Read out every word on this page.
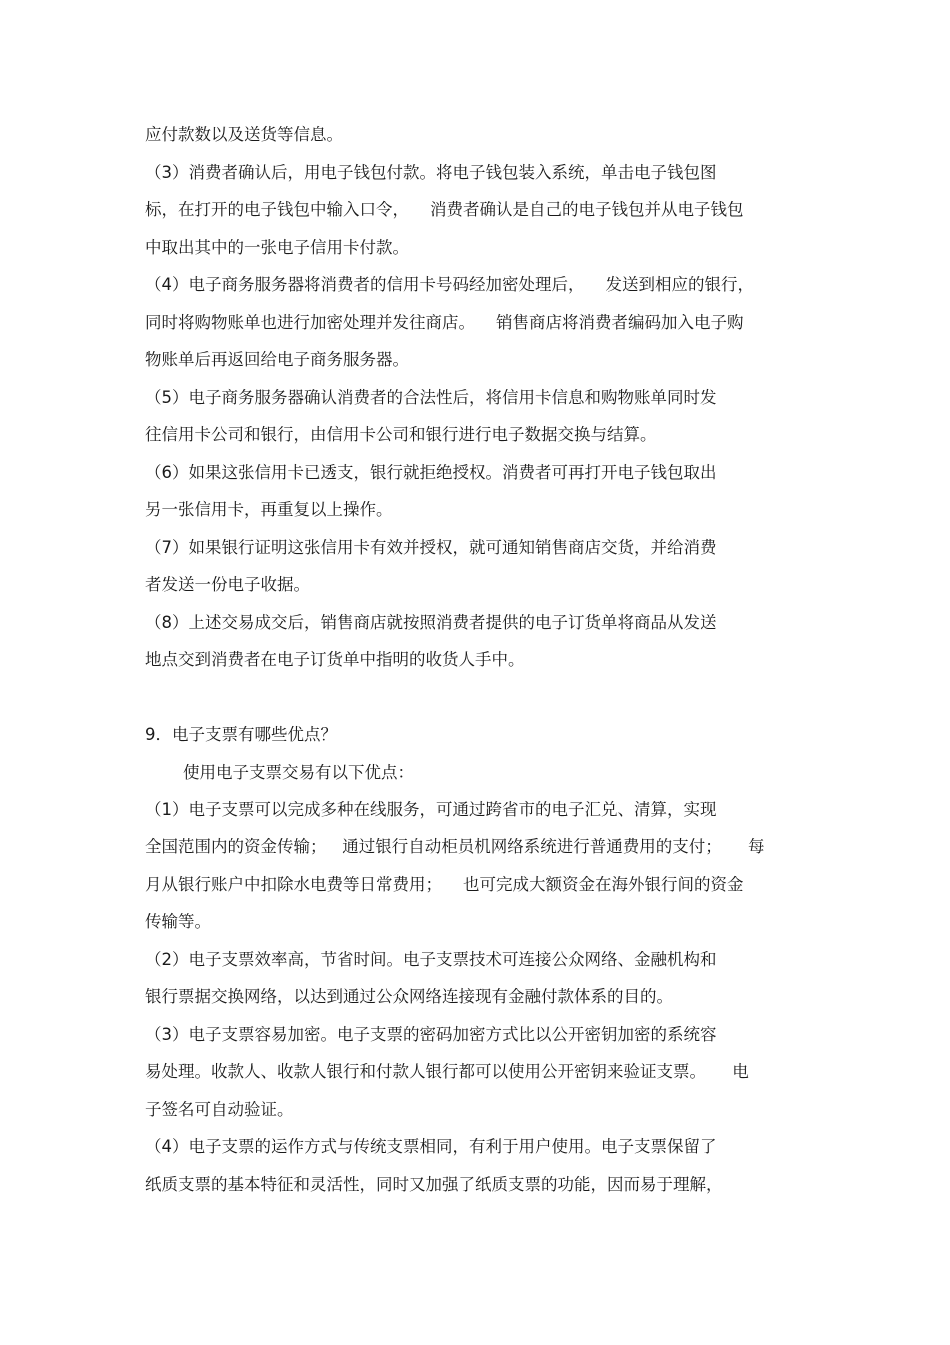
应付款数以及送货等信息。
（3）消费者确认后，用电子钱包付款。将电子钱包装入系统，单击电子钱包图
标，在打开的电子钱包中输入口令，    消费者确认是自己的电子钱包并从电子钱包
中取出其中的一张电子信用卡付款。
（4）电子商务服务器将消费者的信用卡号码经加密处理后，    发送到相应的银行，
同时将购物账单也进行加密处理并发往商店。    销售商店将消费者编码加入电子购
物账单后再返回给电子商务服务器。
（5）电子商务服务器确认消费者的合法性后，将信用卡信息和购物账单同时发
往信用卡公司和银行，由信用卡公司和银行进行电子数据交换与结算。
（6）如果这张信用卡已透支，银行就拒绝授权。消费者可再打开电子钱包取出
另一张信用卡，再重复以上操作。
（7）如果银行证明这张信用卡有效并授权，就可通知销售商店交货，并给消费
者发送一份电子收据。
（8）上述交易成交后，销售商店就按照消费者提供的电子订货单将商品从发送
地点交到消费者在电子订货单中指明的收货人手中。
9．电子支票有哪些优点？
使用电子支票交易有以下优点：
（1）电子支票可以完成多种在线服务，可通过跨省市的电子汇兑、清算，实现
全国范围内的资金传输；   通过银行自动柜员机网络系统进行普通费用的支付；     每
月从银行账户中扣除水电费等日常费用；    也可完成大额资金在海外银行间的资金
传输等。
（2）电子支票效率高，节省时间。电子支票技术可连接公众网络、金融机构和
银行票据交换网络，以达到通过公众网络连接现有金融付款体系的目的。
（3）电子支票容易加密。电子支票的密码加密方式比以公开密钥加密的系统容
易处理。收款人、收款人银行和付款人银行都可以使用公开密钥来验证支票。     电
子签名可自动验证。
（4）电子支票的运作方式与传统支票相同，有利于用户使用。电子支票保留了
纸质支票的基本特征和灵活性，同时又加强了纸质支票的功能，因而易于理解，
